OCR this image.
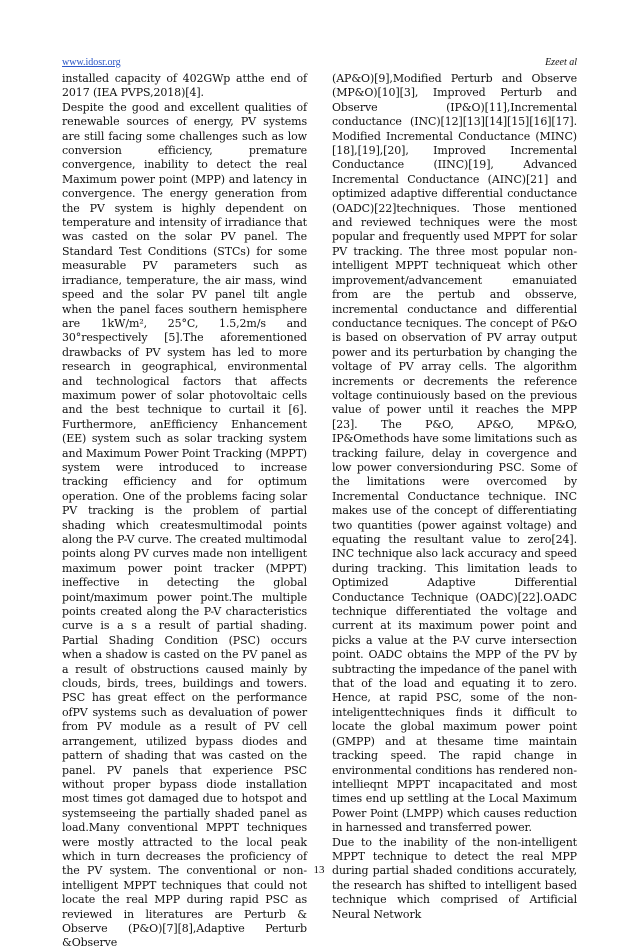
www.idosr.org	Ezeet al

installed capacity of 402GWp atthe end of 2017 (IEA PVPS,2018)[4].

Despite the good and excellent qualities of renewable sources of energy, PV systems are still facing some challenges such as low conversion efficiency, premature convergence, inability to detect the real Maximum power point (MPP) and latency in convergence. The energy generation from the PV system is highly dependent on temperature and intensity of irradiance that was casted on the solar PV panel. The Standard Test Conditions (STCs) for some measurable PV parameters such as irradiance, temperature, the air mass, wind speed and the solar PV panel tilt angle when the panel faces southern hemisphere are 1kW/m², 25°C, 1.5,2m/s and 30°respectively [5].The aforementioned drawbacks of PV system has led to more research in geographical, environmental and technological factors that affects maximum power of solar photovoltaic cells and the best technique to curtail it [6]. Furthermore, anEfficiency Enhancement (EE) system such as solar tracking system and Maximum Power Point Tracking (MPPT) system were introduced to increase tracking efficiency and for optimum operation. One of the problems facing solar PV tracking is the problem of partial shading which createsmultimodal points along the P-V curve. The created multimodal points along PV curves made non intelligent maximum power point tracker (MPPT) ineffective in detecting the global point/maximum power point.The multiple points created along the P-V characteristics curve is a s a result of partial shading. Partial Shading Condition (PSC) occurs when a shadow is casted on the PV panel as a result of obstructions caused mainly by clouds, birds, trees, buildings and towers. PSC has great effect on the performance ofPV systems such as devaluation of power from PV module as a result of PV cell arrangement, utilized bypass diodes and pattern of shading that was casted on the panel. PV panels that experience PSC without proper bypass diode installation most times got damaged due to hotspot and systemseeing the partially shaded panel as load.Many conventional MPPT techniques were mostly attracted to the local peak which in turn decreases the proficiency of the PV system. The conventional or non-intelligent MPPT techniques that could not locate the real MPP during rapid PSC as reviewed in literatures are Perturb & Observe (P&O)[7][8],Adaptive Perturb &Observe

(AP&O)[9],Modified Perturb and Observe (MP&O)[10][3], Improved Perturb and Observe (IP&O)[11],Incremental conductance (INC)[12][13][14][15][16][17]. Modified Incremental Conductance (MINC)[18],[19],[20], Improved Incremental Conductance (IINC)[19], Advanced Incremental Conductance (AINC)[21] and optimized adaptive differential conductance (OADC)[22]techniques. Those mentioned and reviewed techniques were the most popular and frequently used MPPT for solar PV tracking. The three most popular non-intelligent MPPT techniqueat which other improvement/advancement emanuiated from are the pertub and obsserve, incremental conductance and differential conductance tecniques. The concept of P&O is based on observation of PV array output power and its perturbation by changing the voltage of PV array cells. The algorithm increments or decrements the reference voltage continuiously based on the previous value of power until it reaches the MPP [23]. The P&O, AP&O, MP&O, IP&Omethods have some limitations such as tracking failure, delay in covergence and low power conversionduring PSC. Some of the limitations were overcomed by Incremental Conductance technique. INC makes use of the concept of differentiating two quantities (power against voltage) and equating the resultant value to zero[24]. INC technique also lack accuracy and speed during tracking. This limitation leads to Optimized Adaptive Differential Conductance Technique (OADC)[22].OADC technique differentiated the voltage and current at its maximum power point and picks a value at the P-V curve intersection point. OADC obtains the MPP of the PV by subtracting the impedance of the panel with that of the load and equating it to zero. Hence, at rapid PSC, some of the non-inteligenttechniques finds it difficult to locate the global maximum power point (GMPP) and at thesame time maintain tracking speed. The rapid change in environmental conditions has rendered non-intellieqnt MPPT incapacitated and most times end up settling at the Local Maximum Power Point (LMPP) which causes reduction in harnessed and transferred power.

Due to the inability of the non-intelligent MPPT technique to detect the real MPP during partial shaded conditions accurately, the research has shifted to intelligent based technique which comprised of Artificial Neural Network

13
